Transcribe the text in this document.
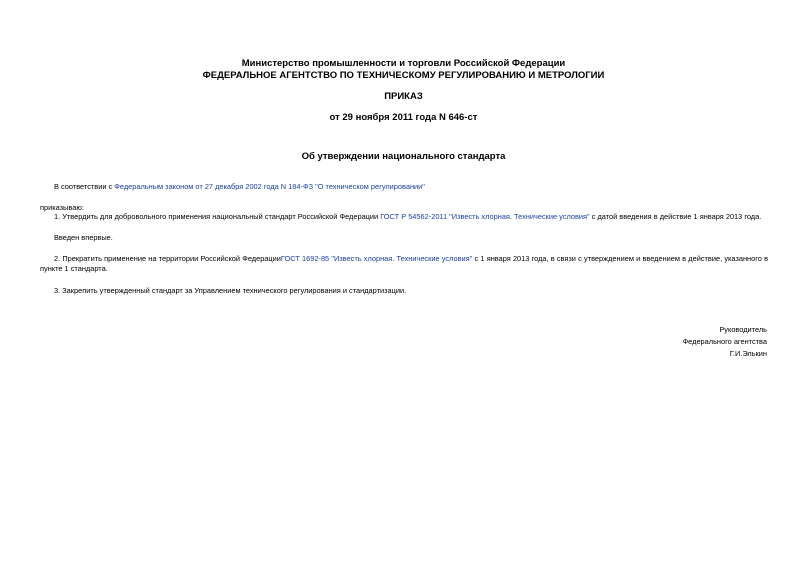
Министерство промышленности и торговли Российской Федерации
ФЕДЕРАЛЬНОЕ АГЕНТСТВО ПО ТЕХНИЧЕСКОМУ РЕГУЛИРОВАНИЮ И МЕТРОЛОГИИ
ПРИКАЗ
от 29 ноября 2011 года N 646-ст
Об утверждении национального стандарта
В соответствии с Федеральным законом от 27 декабря 2002 года N 184-ФЗ "О техническом регулировании"
приказываю:
1. Утвердить для добровольного применения национальный стандарт Российской Федерации ГОСТ Р 54562-2011 "Известь хлорная. Технические условия" с датой введения в действие 1 января 2013 года.
Введен впервые.
2. Прекратить применение на территории Российской ФедерацииГОСТ 1692-85 "Известь хлорная. Технические условия" с 1 января 2013 года, в связи с утверждением и введением в действие, указанного в пункте 1 стандарта.
3. Закрепить утвержденный стандарт за Управлением технического регулирования и стандартизации.
Руководитель
Федерального агентства
Г.И.Элькин
